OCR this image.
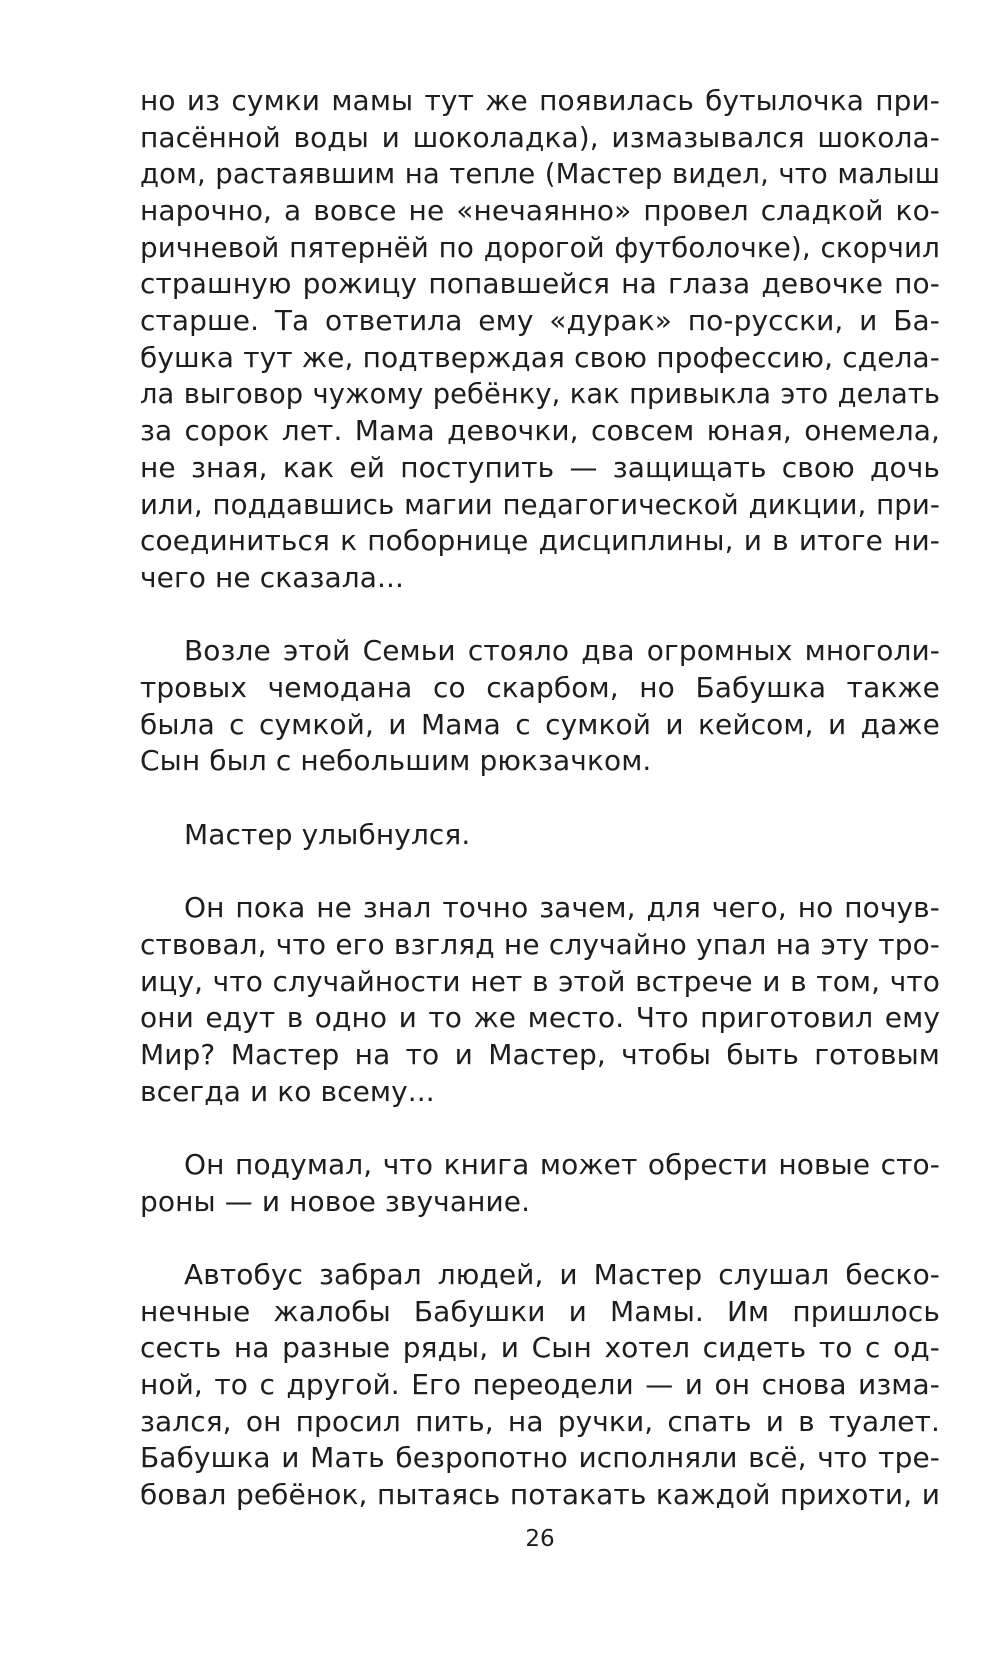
но из сумки мамы тут же появилась бутылочка при-
пасённой воды и шоколадка), измазывался шокола-
дом, растаявшим на тепле (Мастер видел, что малыш
нарочно, а вовсе не «нечаянно» провел сладкой ко-
ричневой пятернёй по дорогой футболочке), скорчил
страшную рожицу попавшейся на глаза девочке по-
старше. Та ответила ему «дурак» по-русски, и Ба-
бушка тут же, подтверждая свою профессию, сдела-
ла выговор чужому ребёнку, как привыкла это делать
за сорок лет. Мама девочки, совсем юная, онемела,
не зная, как ей поступить — защищать свою дочь
или, поддавшись магии педагогической дикции, при-
соединиться к поборнице дисциплины, и в итоге ни-
чего не сказала...
Возле этой Семьи стояло два огромных многоли-
тровых чемодана со скарбом, но Бабушка также
была с сумкой, и Мама с сумкой и кейсом, и даже
Сын был с небольшим рюкзачком.
Мастер улыбнулся.
Он пока не знал точно зачем, для чего, но почув-
ствовал, что его взгляд не случайно упал на эту тро-
ицу, что случайности нет в этой встрече и в том, что
они едут в одно и то же место. Что приготовил ему
Мир? Мастер на то и Мастер, чтобы быть готовым
всегда и ко всему...
Он подумал, что книга может обрести новые сто-
роны — и новое звучание.
Автобус забрал людей, и Мастер слушал беско-
нечные жалобы Бабушки и Мамы. Им пришлось
сесть на разные ряды, и Сын хотел сидеть то с од-
ной, то с другой. Его переодели — и он снова изма-
зался, он просил пить, на ручки, спать и в туалет.
Бабушка и Мать безропотно исполняли всё, что тре-
бовал ребёнок, пытаясь потакать каждой прихоти, и
26
